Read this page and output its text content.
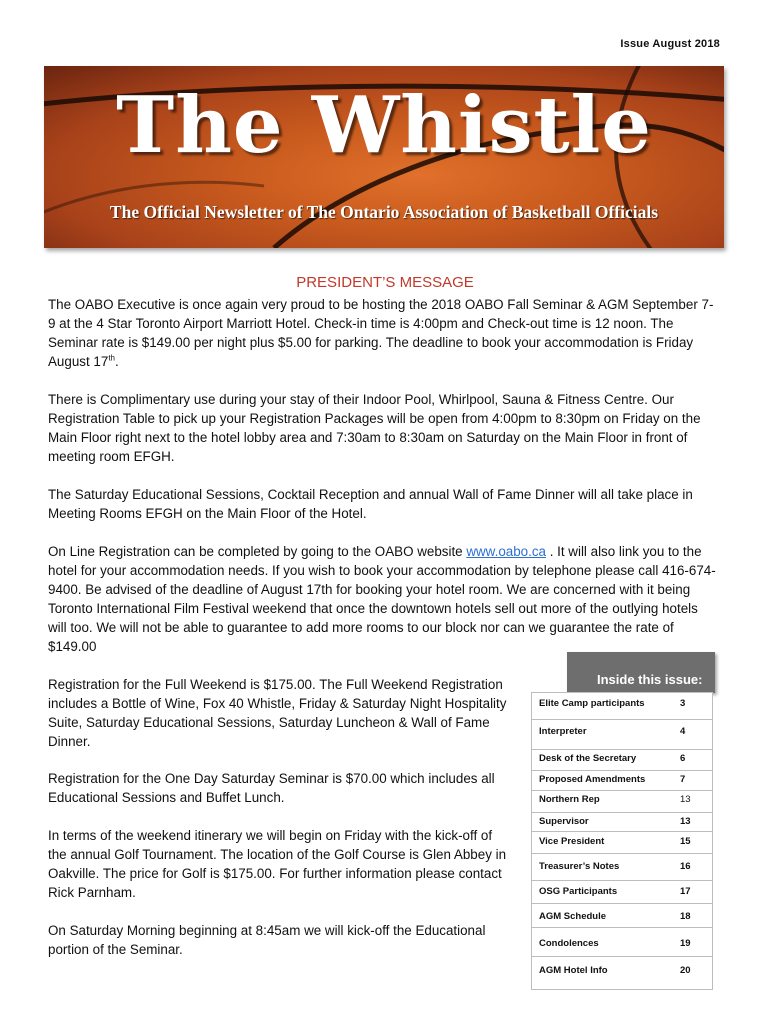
Issue August 2018
The Whistle
The Official Newsletter of The Ontario Association of Basketball Officials
PRESIDENT’S MESSAGE

The OABO Executive is once again very proud to be hosting the 2018 OABO Fall Seminar & AGM September 7-9 at the 4 Star Toronto Airport Marriott Hotel. Check-in time is 4:00pm and Check-out time is 12 noon. The Seminar rate is $149.00 per night plus $5.00 for parking. The deadline to book your accommodation is Friday August 17th.

There is Complimentary use during your stay of their Indoor Pool, Whirlpool, Sauna & Fitness Centre. Our Registration Table to pick up your Registration Packages will be open from 4:00pm to 8:30pm on Friday on the Main Floor right next to the hotel lobby area and 7:30am to 8:30am on Saturday on the Main Floor in front of meeting room EFGH.

The Saturday Educational Sessions, Cocktail Reception and annual Wall of Fame Dinner will all take place in Meeting Rooms EFGH on the Main Floor of the Hotel.

On Line Registration can be completed by going to the OABO website www.oabo.ca . It will also link you to the hotel for your accommodation needs. If you wish to book your accommodation by telephone please call 416-674-9400. Be advised of the deadline of August 17th for booking your hotel room. We are concerned with it being Toronto International Film Festival weekend that once the downtown hotels sell out more of the outlying hotels will too. We will not be able to guarantee to add more rooms to our block nor can we guarantee the rate of $149.00

Registration for the Full Weekend is $175.00. The Full Weekend Registration includes a Bottle of Wine, Fox 40 Whistle, Friday & Saturday Night Hospitality Suite, Saturday Educational Sessions, Saturday Luncheon & Wall of Fame Dinner.

Registration for the One Day Saturday Seminar is $70.00 which includes all Educational Sessions and Buffet Lunch.

In terms of the weekend itinerary we will begin on Friday with the kick-off of the annual Golf Tournament. The location of the Golf Course is Glen Abbey in Oakville. The price for Golf is $175.00. For further information please contact Rick Parnham.

On Saturday Morning beginning at 8:45am we will kick-off the Educational portion of the Seminar.

Inside this issue:
Elite Camp participants	3
Interpreter	4
Desk of the Secretary	6
Proposed Amendments	7
Northern Rep	13
Supervisor	13
Vice President	15
Treasurer’s Notes	16
OSG Participants	17
AGM Schedule	18
Condolences	19
AGM Hotel Info	20
